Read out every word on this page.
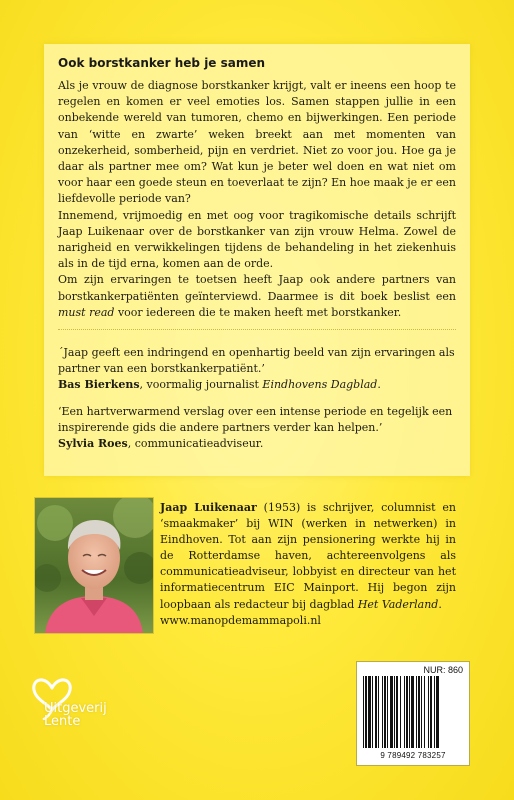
Ook borstkanker heb je samen

Als je vrouw de diagnose borstkanker krijgt, valt er ineens een hoop te regelen en komen er veel emoties los. Samen stappen jullie in een onbekende wereld van tumoren, chemo en bijwerkingen. Een periode van ‘witte en zwarte’ weken breekt aan met momenten van onzekerheid, somberheid, pijn en verdriet. Niet zo voor jou. Hoe ga je daar als partner mee om? Wat kun je beter wel doen en wat niet om voor haar een goede steun en toeverlaat te zijn? En hoe maak je er een liefdevolle periode van?

Innemend, vrijmoedig en met oog voor tragikomische details schrijft Jaap Luikenaar over de borstkanker van zijn vrouw Helma. Zowel de narigheid en verwikkelingen tijdens de behandeling in het ziekenhuis als in de tijd erna, komen aan de orde.

Om zijn ervaringen te toetsen heeft Jaap ook andere partners van borstkankerpatiënten geïnterviewd. Daarmee is dit boek beslist een must read voor iedereen die te maken heeft met borstkanker.

´Jaap geeft een indringend en openhartig beeld van zijn ervaringen als partner van een borstkankerpatiënt.’

Bas Bierkens, voormalig journalist Eindhovens Dagblad.

‘Een hartverwarmend verslag over een intense periode en tegelijk een inspirerende gids die andere partners verder kan helpen.’

Sylvia Roes, communicatieadviseur.

Jaap Luikenaar (1953) is schrijver, columnist en ‘smaakmaker’ bij WIN (werken in netwerken) in Eindhoven. Tot aan zijn pensionering werkte hij in de Rotterdamse haven, achtereenvolgens als communicatieadviseur, lobbyist en directeur van het informatiecentrum EIC Mainport. Hij begon zijn loopbaan als redacteur bij dagblad Het Vaderland.

www.manopdemammapoli.nl

Uitgeverij
Lente

NUR: 860

9 789492 783257
